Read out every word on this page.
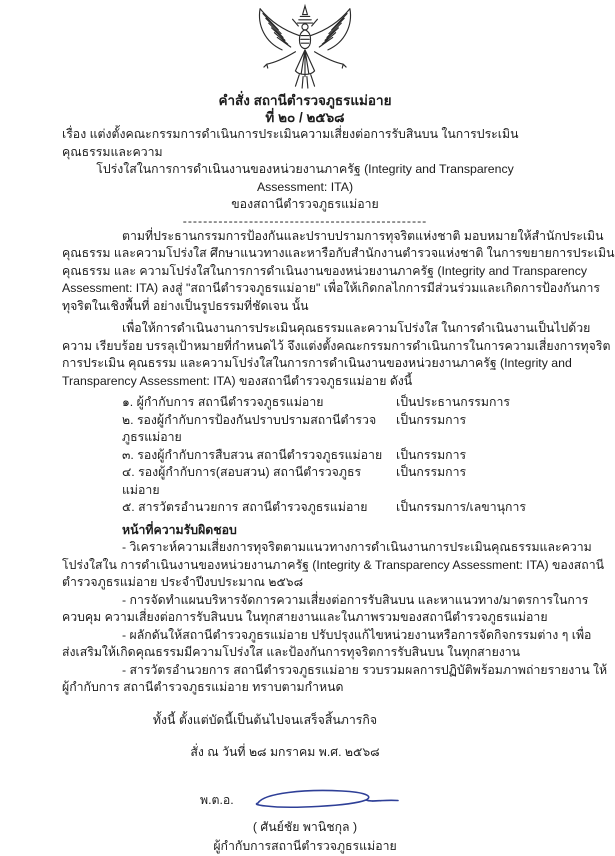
คำสั่ง สถานีตำรวจภูธรแม่อาย
ที่ ๒๐ / ๒๕๖๘
เรื่อง แต่งตั้งคณะกรรมการดำเนินการประเมินความเสี่ยงต่อการรับสินบน ในการประเมินคุณธรรมและความ
โปร่งใสในการการดำเนินงานของหน่วยงานภาครัฐ (Integrity and Transparency Assessment: ITA)
ของสถานีตำรวจภูธรแม่อาย
------------------------------------------------
ตามที่ประธานกรรมการป้องกันและปราบปรามการทุจริตแห่งชาติ มอบหมายให้สำนักประเมิน
คุณธรรม และความโปร่งใส ศึกษาแนวทางและหารือกับสำนักงานตำรวจแห่งชาติ ในการขยายการประเมิน
คุณธรรม และ ความโปร่งใสในการการดำเนินงานของหน่วยงานภาครัฐ (Integrity and Transparency
Assessment: ITA) ลงสู่ "สถานีตำรวจภูธรแม่อาย" เพื่อให้เกิดกลไกการมีส่วนร่วมและเกิดการป้องกันการ
ทุจริตในเชิงพื้นที่ อย่างเป็นรูปธรรมที่ชัดเจน นั้น
เพื่อให้การดำเนินงานการประเมินคุณธรรมและความโปร่งใส ในการดำเนินงานเป็นไปด้วย
ความ เรียบร้อย บรรลุเป้าหมายที่กำหนดไว้ จึงแต่งตั้งคณะกรรมการดำเนินการในการความเสี่ยงการทุจริต
การประเมิน คุณธรรม และความโปร่งใสในการการดำเนินงานของหน่วยงานภาครัฐ (Integrity and
Transparency Assessment: ITA) ของสถานีตำรวจภูธรแม่อาย ดังนี้
๑. ผู้กำกับการ สถานีตำรวจภูธรแม่อาย	เป็นประธานกรรมการ
๒. รองผู้กำกับการป้องกันปราบปรามสถานีตำรวจภูธรแม่อาย
เป็นกรรมการ
๓. รองผู้กำกับการสืบสวน สถานีตำรวจภูธรแม่อาย	เป็นกรรมการ
๔. รองผู้กำกับการ(สอบสวน) สถานีตำรวจภูธรแม่อาย
เป็นกรรมการ
๕. สารวัตรอำนวยการ สถานีตำรวจภูธรแม่อาย	เป็นกรรมการ/เลขานุการ
หน้าที่ความรับผิดชอบ
- วิเคราะห์ความเสี่ยงการทุจริตตามแนวทางการดำเนินงานการประเมินคุณธรรมและความ
โปร่งใสใน การดำเนินงานของหน่วยงานภาครัฐ (Integrity & Transparency Assessment: ITA) ของสถานี
ตำรวจภูธรแม่อาย ประจำปีงบประมาณ ๒๕๖๘
- การจัดทำแผนบริหารจัดการความเสี่ยงต่อการรับสินบน และหาแนวทาง/มาตรการในการ
ควบคุม ความเสี่ยงต่อการรับสินบน ในทุกสายงานและในภาพรวมของสถานีตำรวจภูธรแม่อาย
- ผลักดันให้สถานีตำรวจภูธรแม่อาย ปรับปรุงแก้ไขหน่วยงานหรือการจัดกิจกรรมต่าง ๆ เพื่อ
ส่งเสริมให้เกิดคุณธรรมมีความโปร่งใส และป้องกันการทุจริตการรับสินบน ในทุกสายงาน
- สารวัตรอำนวยการ สถานีตำรวจภูธรแม่อาย รวบรวมผลการปฏิบัติพร้อมภาพถ่ายรายงาน ให้
ผู้กำกับการ สถานีตำรวจภูธรแม่อาย ทราบตามกำหนด
ทั้งนี้ ตั้งแต่บัดนี้เป็นต้นไปจนเสร็จสิ้นภารกิจ
สั่ง ณ วันที่ ๒๘ มกราคม พ.ศ. ๒๕๖๘
พ.ต.อ.
( ศันย์ชัย พานิชกุล )
ผู้กำกับการสถานีตำรวจภูธรแม่อาย
